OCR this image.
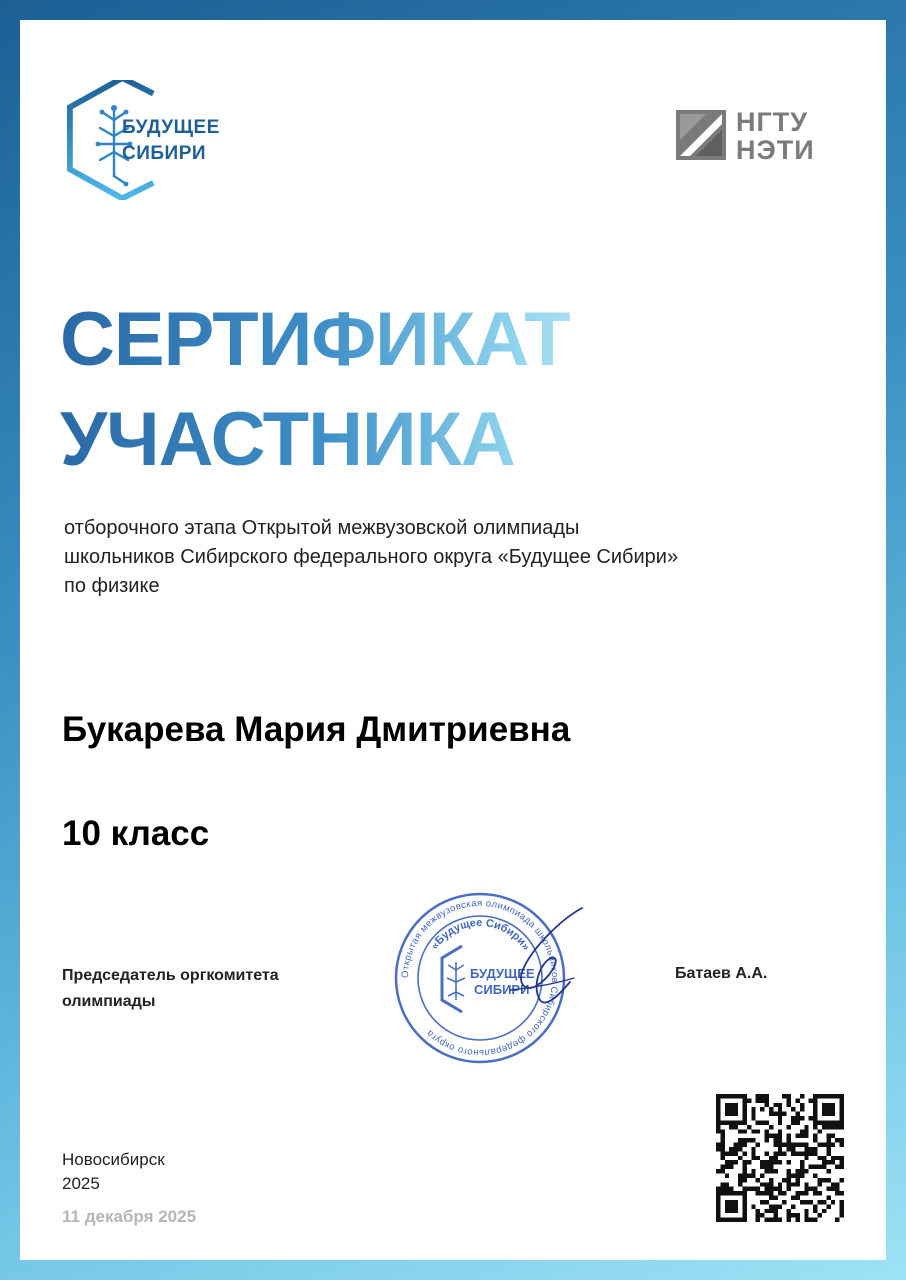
БУДУЩЕЕ
СИБИРИ
НГТУ
НЭТИ
СЕРТИФИКАТ
УЧАСТНИКА
отборочного этапа Открытой межвузовской олимпиады
школьников Сибирского федерального округа «Будущее Сибири»
по физике
Букарева Мария Дмитриевна
10 класс
Председатель оргкомитета
олимпиады
Открытая межвузовская олимпиада школьников Сибирского федерального округа
«Будущее Сибири»
БУДУЩЕЕ
СИБИРИ
Батаев А.А.
Новосибирск
2025
11 декабря 2025
